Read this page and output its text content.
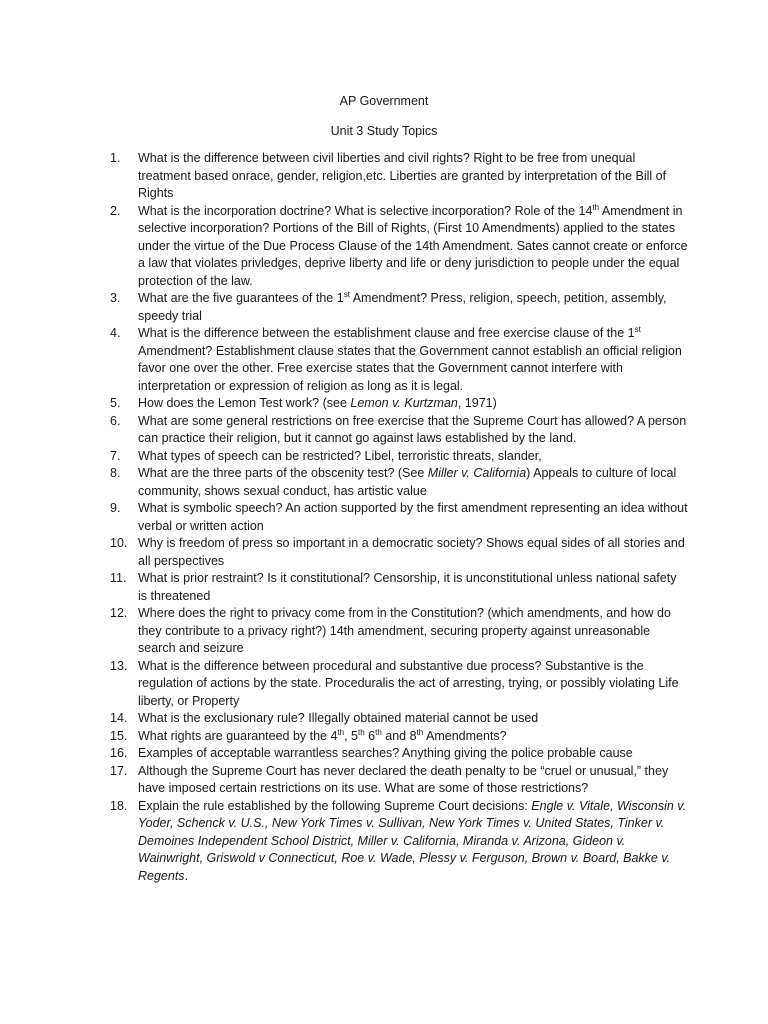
AP Government
Unit 3 Study Topics
1.	What is the difference between civil liberties and civil rights? Right to be free from unequal treatment based onrace, gender, religion,etc. Liberties are granted by interpretation of the Bill of Rights
2.	What is the incorporation doctrine? What is selective incorporation? Role of the 14th Amendment in selective incorporation? Portions of the Bill of Rights, (First 10 Amendments) applied to the states under the virtue of the Due Process Clause of the 14th Amendment. Sates cannot create or enforce a law that violates privledges, deprive liberty and life or deny jurisdiction to people under the equal protection of the law.
3.	What are the five guarantees of the 1st Amendment? Press, religion, speech, petition, assembly, speedy trial
4.	What is the difference between the establishment clause and free exercise clause of the 1st Amendment? Establishment clause states that the Government cannot establish an official religion favor one over the other. Free exercise states that the Government cannot interfere with interpretation or expression of religion as long as it is legal.
5.	How does the Lemon Test work? (see Lemon v. Kurtzman, 1971)
6.	What are some general restrictions on free exercise that the Supreme Court has allowed? A person can practice their religion, but it cannot go against laws established by the land.
7.	What types of speech can be restricted? Libel, terroristic threats, slander,
8.	What are the three parts of the obscenity test? (See Miller v. California) Appeals to culture of local community, shows sexual conduct, has artistic value
9.	What is symbolic speech? An action supported by the first amendment representing an idea without verbal or written action
10. Why is freedom of press so important in a democratic society? Shows equal sides of all stories and all perspectives
11. What is prior restraint? Is it constitutional? Censorship, it is unconstitutional unless national safety is threatened
12. Where does the right to privacy come from in the Constitution? (which amendments, and how do they contribute to a privacy right?) 14th amendment, securing property against unreasonable search and seizure
13. What is the difference between procedural and substantive due process? Substantive is the regulation of actions by the state. Proceduralis the act of arresting, trying, or possibly violating Life liberty, or Property
14. What is the exclusionary rule? Illegally obtained material cannot be used
15. What rights are guaranteed by the 4th, 5th 6th and 8th Amendments?
16. Examples of acceptable warrantless searches? Anything giving the police probable cause
17. Although the Supreme Court has never declared the death penalty to be “cruel or unusual,” they have imposed certain restrictions on its use. What are some of those restrictions?
18. Explain the rule established by the following Supreme Court decisions: Engle v. Vitale, Wisconsin v. Yoder, Schenck v. U.S., New York Times v. Sullivan, New York Times v. United States, Tinker v. Demoines Independent School District, Miller v. California, Miranda v. Arizona, Gideon v. Wainwright, Griswold v Connecticut, Roe v. Wade, Plessy v. Ferguson, Brown v. Board, Bakke v. Regents.
